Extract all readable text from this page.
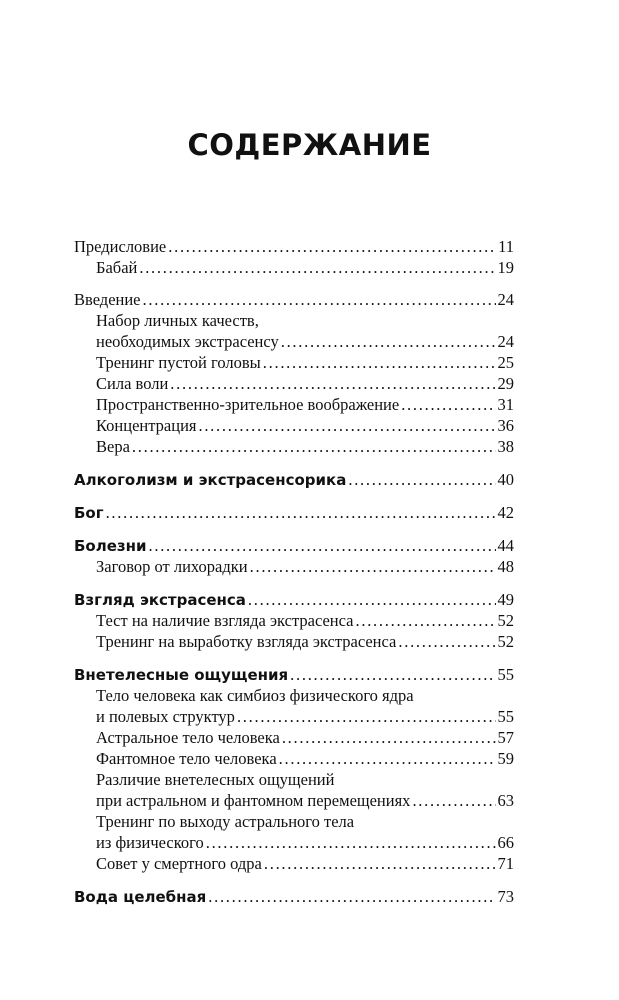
СОДЕРЖАНИЕ
Предисловие . . .	11
Бабай . . .	19
Введение . . .	24
Набор личных качеств,
необходимых экстрасенсу . . .	24
Тренинг пустой головы . . .	25
Сила воли . . .	29
Пространственно-зрительное воображение . . .	31
Концентрация . . .	36
Вера . . .	38
Алкоголизм и экстрасенсорика . . .	40
Бог . . .	42
Болезни . . .	44
Заговор от лихорадки . . .	48
Взгляд экстрасенса . . .	49
Тест на наличие взгляда экстрасенса . . .	52
Тренинг на выработку взгляда экстрасенса . . .	52
Внетелесные ощущения . . .	55
Тело человека как симбиоз физического ядра
и полевых структур . . .	55
Астральное тело человека . . .	57
Фантомное тело человека . . .	59
Различие внетелесных ощущений
при астральном и фантомном перемещениях . . .	63
Тренинг по выходу астрального тела
из физического . . .	66
Совет у смертного одра . . .	71
Вода целебная . . .	73
